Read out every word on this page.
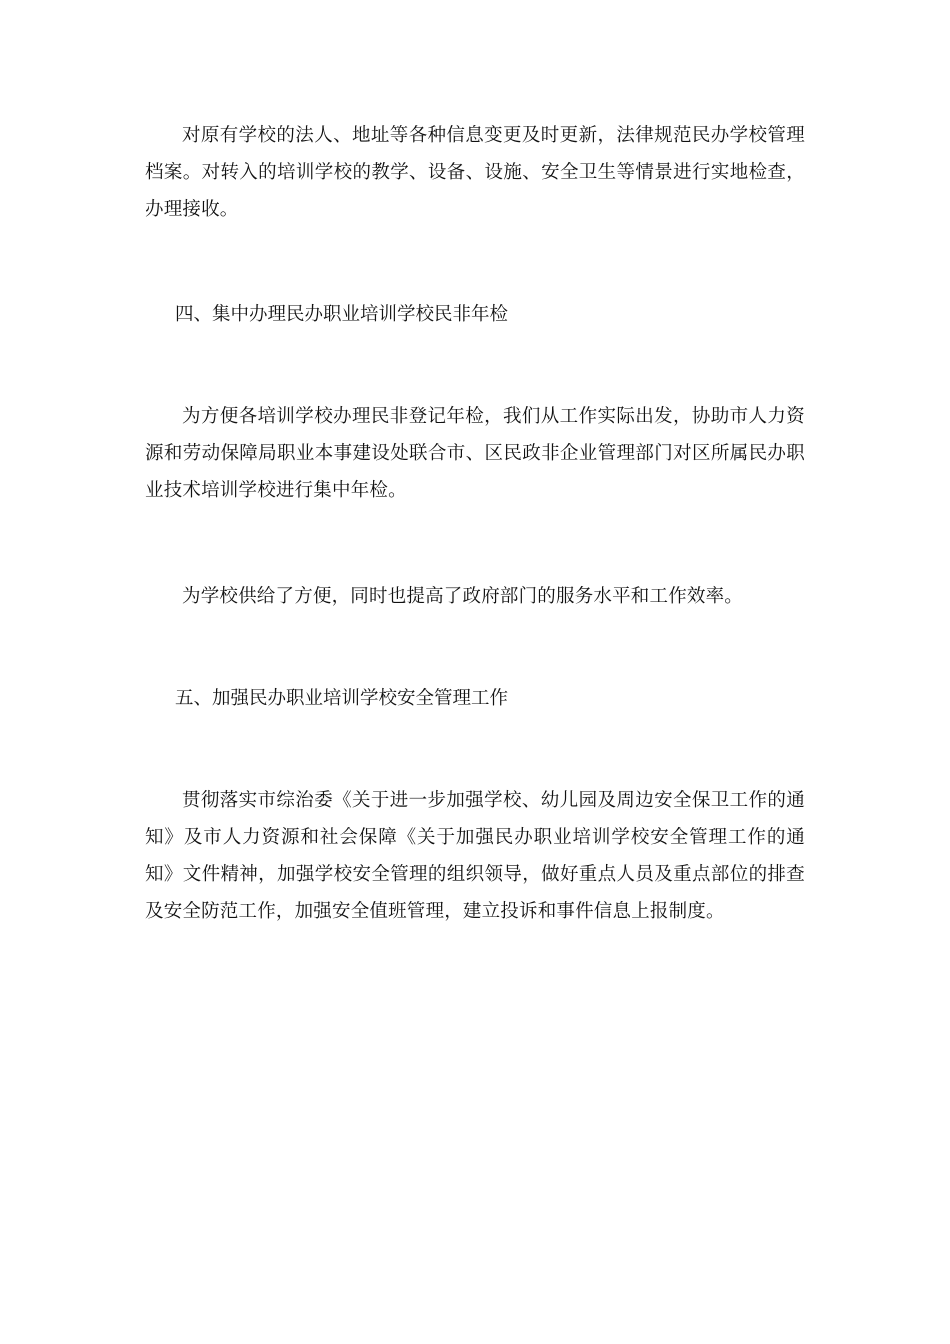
对原有学校的法人、地址等各种信息变更及时更新，法律规范民办学校管理档案。对转入的培训学校的教学、设备、设施、安全卫生等情景进行实地检查，办理接收。

四、集中办理民办职业培训学校民非年检

为方便各培训学校办理民非登记年检，我们从工作实际出发，协助市人力资源和劳动保障局职业本事建设处联合市、区民政非企业管理部门对区所属民办职业技术培训学校进行集中年检。

为学校供给了方便，同时也提高了政府部门的服务水平和工作效率。

五、加强民办职业培训学校安全管理工作

贯彻落实市综治委《关于进一步加强学校、幼儿园及周边安全保卫工作的通知》及市人力资源和社会保障《关于加强民办职业培训学校安全管理工作的通知》文件精神，加强学校安全管理的组织领导，做好重点人员及重点部位的排查及安全防范工作，加强安全值班管理，建立投诉和事件信息上报制度。
